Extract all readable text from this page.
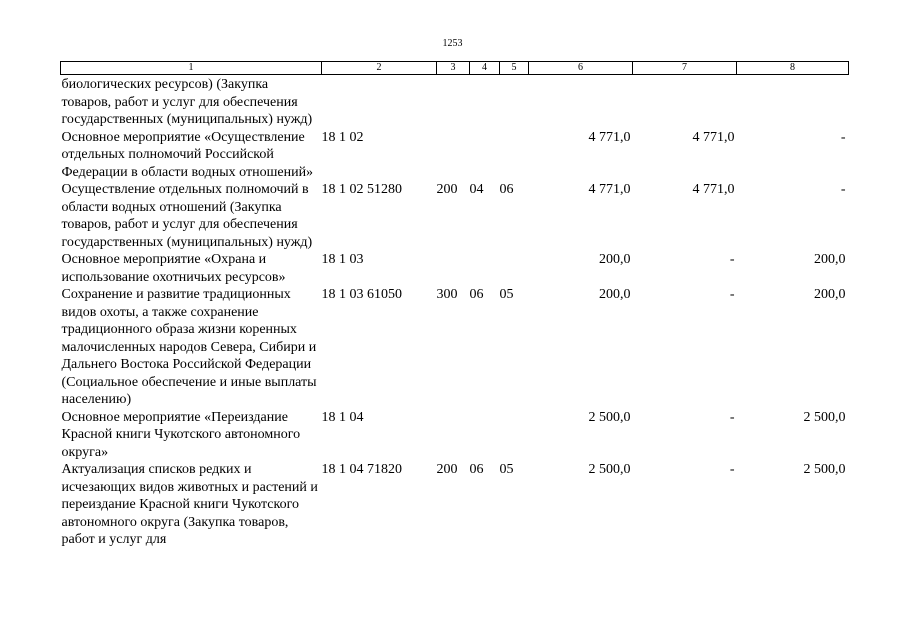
1253
1	2	3	4	5	6	7	8
биологических ресурсов) (Закупка товаров, работ и услуг для обеспечения государственных (муниципальных) нужд)							
Основное мероприятие «Осуществление отдельных полномочий Российской Федерации в области водных отношений»	18 1 02				4 771,0	4 771,0	-
Осуществление отдельных полномочий в области водных отношений (Закупка товаров, работ и услуг для обеспечения государственных (муниципальных) нужд)	18 1 02 51280	200	04	06	4 771,0	4 771,0	-
Основное мероприятие «Охрана и использование охотничьих ресурсов»	18 1 03				200,0	-	200,0
Сохранение и развитие традиционных видов охоты, а также сохранение традиционного образа жизни коренных малочисленных народов Севера, Сибири и Дальнего Востока Российской Федерации (Социальное обеспечение и иные выплаты населению)	18 1 03 61050	300	06	05	200,0	-	200,0
Основное мероприятие «Переиздание Красной книги Чукотского автономного округа»	18 1 04				2 500,0	-	2 500,0
Актуализация списков редких и исчезающих видов животных и растений и переиздание Красной книги Чукотского автономного округа (Закупка товаров, работ и услуг для	18 1 04 71820	200	06	05	2 500,0	-	2 500,0
